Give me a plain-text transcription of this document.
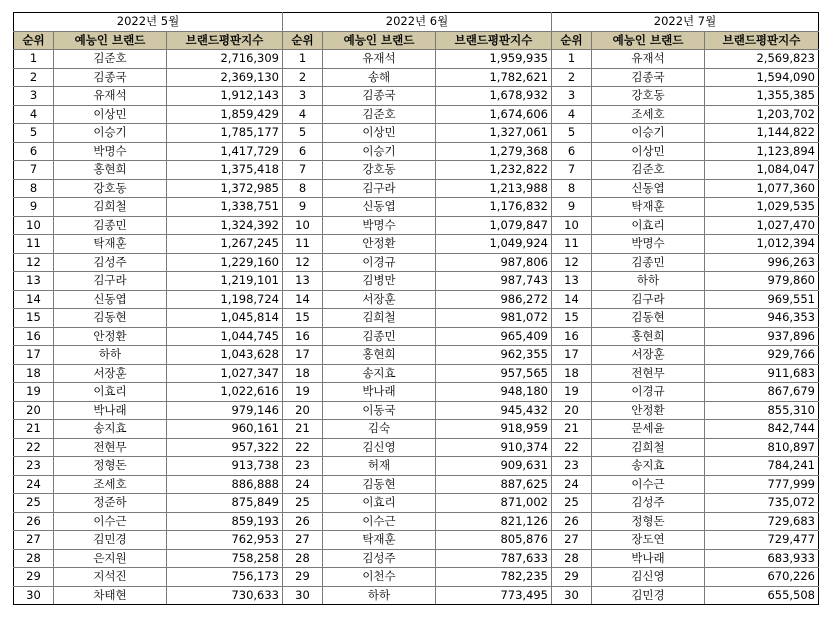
2022년 5월			2022년 6월			2022년 7월		
순위	예능인 브랜드	브랜드평판지수	순위	예능인 브랜드	브랜드평판지수	순위	예능인 브랜드	브랜드평판지수
1	김준호	2,716,309	1	유재석	1,959,935	1	유재석	2,569,823
2	김종국	2,369,130	2	송해	1,782,621	2	김종국	1,594,090
3	유재석	1,912,143	3	김종국	1,678,932	3	강호동	1,355,385
4	이상민	1,859,429	4	김준호	1,674,606	4	조세호	1,203,702
5	이승기	1,785,177	5	이상민	1,327,061	5	이승기	1,144,822
6	박명수	1,417,729	6	이승기	1,279,368	6	이상민	1,123,894
7	홍현희	1,375,418	7	강호동	1,232,822	7	김준호	1,084,047
8	강호동	1,372,985	8	김구라	1,213,988	8	신동엽	1,077,360
9	김희철	1,338,751	9	신동엽	1,176,832	9	탁재훈	1,029,535
10	김종민	1,324,392	10	박명수	1,079,847	10	이효리	1,027,470
11	탁재훈	1,267,245	11	안정환	1,049,924	11	박명수	1,012,394
12	김성주	1,229,160	12	이경규	987,806	12	김종민	996,263
13	김구라	1,219,101	13	김병만	987,743	13	하하	979,860
14	신동엽	1,198,724	14	서장훈	986,272	14	김구라	969,551
15	김동현	1,045,814	15	김희철	981,072	15	김동현	946,353
16	안정환	1,044,745	16	김종민	965,409	16	홍현희	937,896
17	하하	1,043,628	17	홍현희	962,355	17	서장훈	929,766
18	서장훈	1,027,347	18	송지효	957,565	18	전현무	911,683
19	이효리	1,022,616	19	박나래	948,180	19	이경규	867,679
20	박나래	979,146	20	이동국	945,432	20	안정환	855,310
21	송지효	960,161	21	김숙	918,959	21	문세윤	842,744
22	전현무	957,322	22	김신영	910,374	22	김희철	810,897
23	정형돈	913,738	23	허재	909,631	23	송지효	784,241
24	조세호	886,888	24	김동현	887,625	24	이수근	777,999
25	정준하	875,849	25	이효리	871,002	25	김성주	735,072
26	이수근	859,193	26	이수근	821,126	26	정형돈	729,683
27	김민경	762,953	27	탁재훈	805,876	27	장도연	729,477
28	은지원	758,258	28	김성주	787,633	28	박나래	683,933
29	지석진	756,173	29	이천수	782,235	29	김신영	670,226
30	차태현	730,633	30	하하	773,495	30	김민경	655,508
